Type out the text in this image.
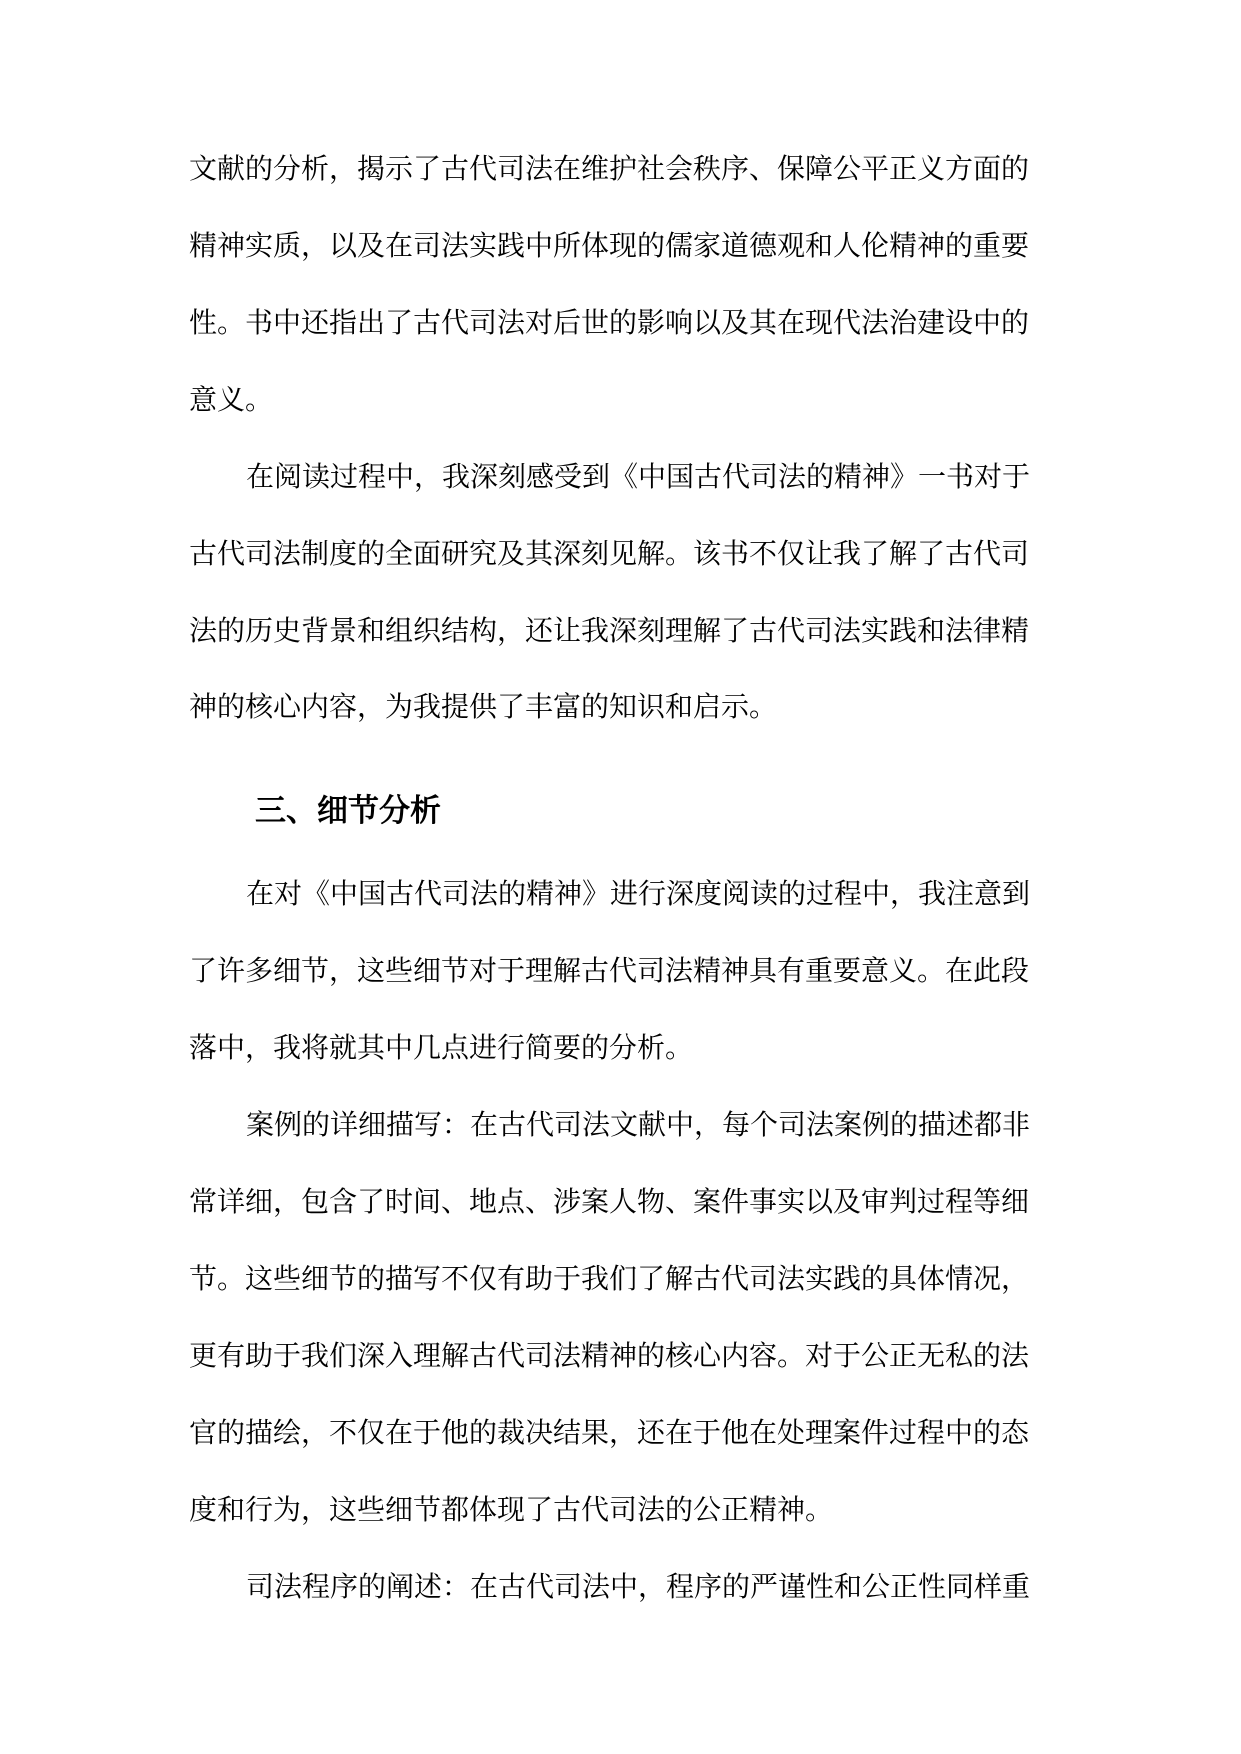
文献的分析，揭示了古代司法在维护社会秩序、保障公平正义方面的
精神实质，以及在司法实践中所体现的儒家道德观和人伦精神的重要
性。书中还指出了古代司法对后世的影响以及其在现代法治建设中的
意义。
在阅读过程中，我深刻感受到《中国古代司法的精神》一书对于
古代司法制度的全面研究及其深刻见解。该书不仅让我了解了古代司
法的历史背景和组织结构，还让我深刻理解了古代司法实践和法律精
神的核心内容，为我提供了丰富的知识和启示。
三、细节分析
在对《中国古代司法的精神》进行深度阅读的过程中，我注意到
了许多细节，这些细节对于理解古代司法精神具有重要意义。在此段
落中，我将就其中几点进行简要的分析。
案例的详细描写：在古代司法文献中，每个司法案例的描述都非
常详细，包含了时间、地点、涉案人物、案件事实以及审判过程等细
节。这些细节的描写不仅有助于我们了解古代司法实践的具体情况，
更有助于我们深入理解古代司法精神的核心内容。对于公正无私的法
官的描绘，不仅在于他的裁决结果，还在于他在处理案件过程中的态
度和行为，这些细节都体现了古代司法的公正精神。
司法程序的阐述：在古代司法中，程序的严谨性和公正性同样重
